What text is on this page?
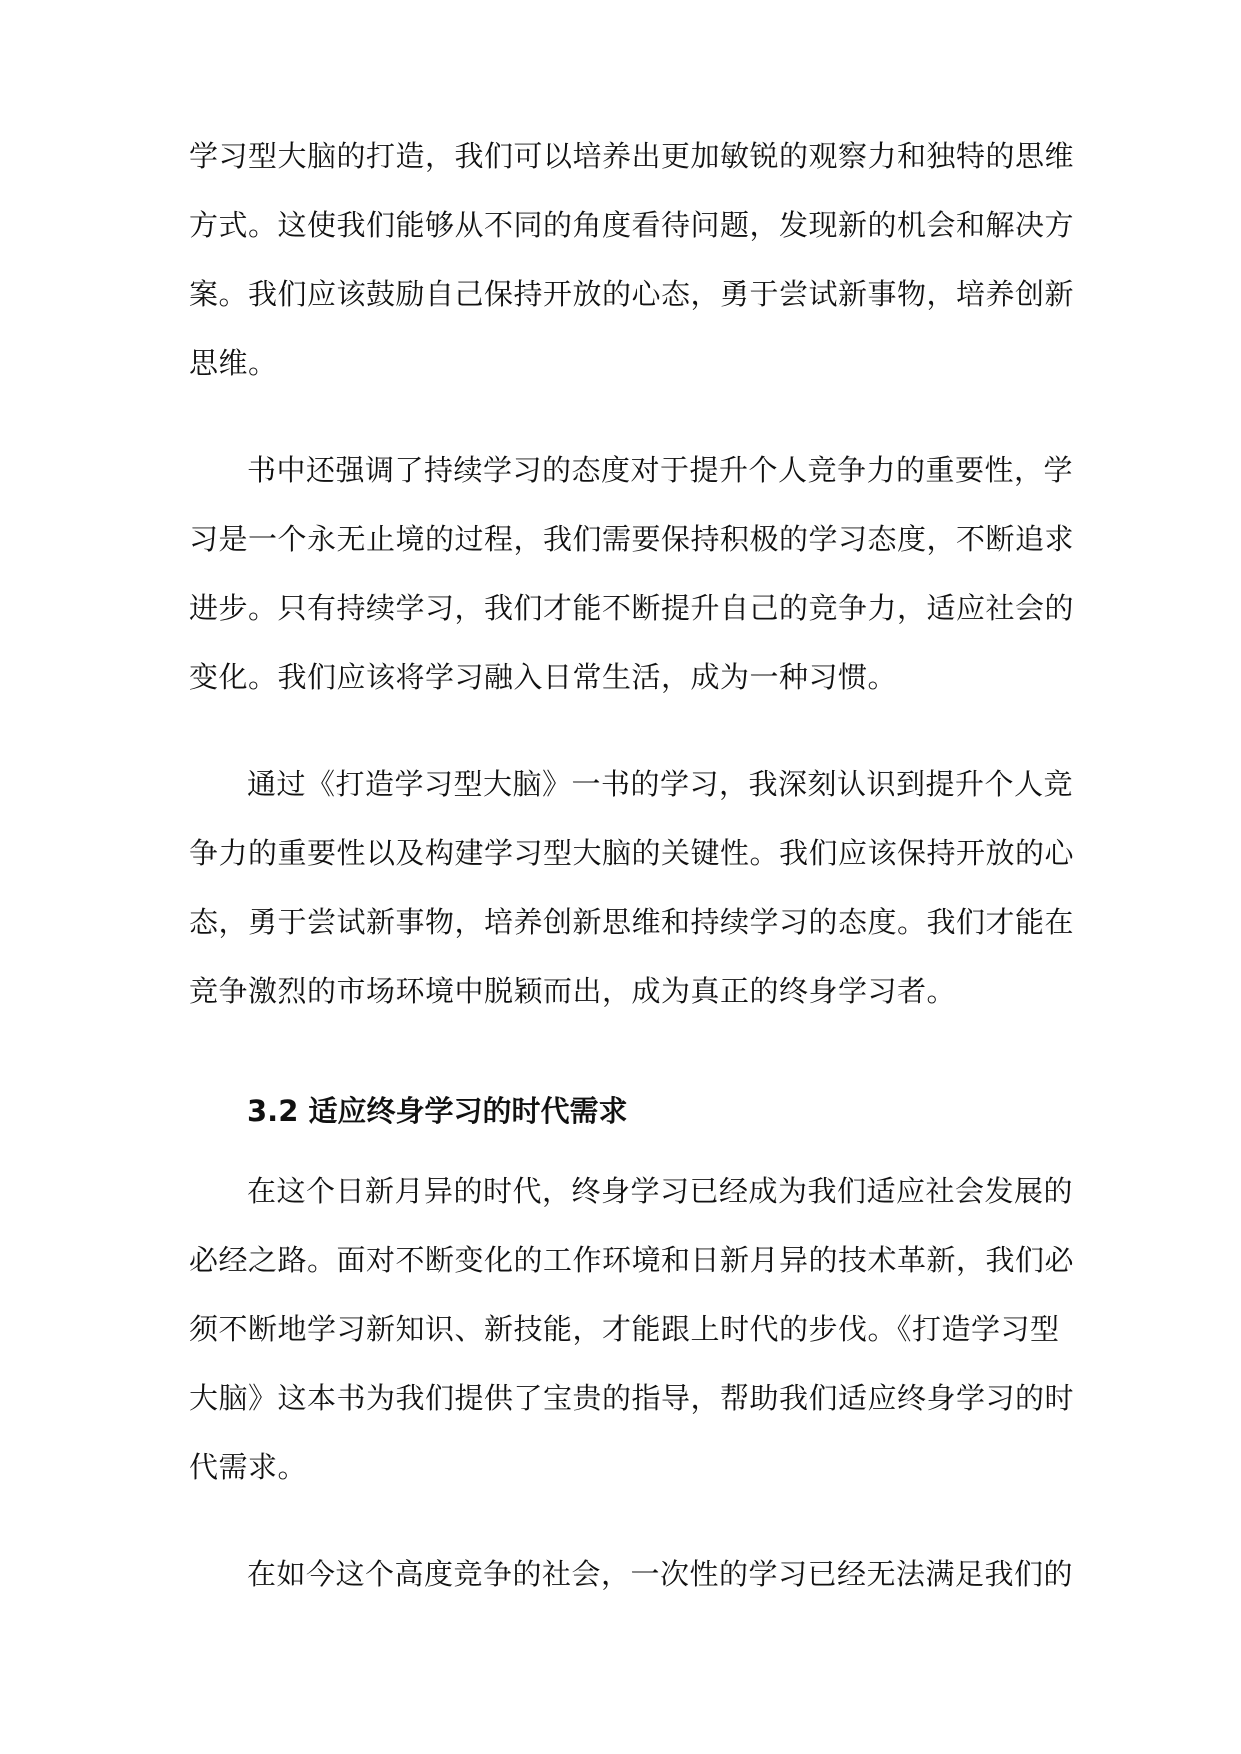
学习型大脑的打造，我们可以培养出更加敏锐的观察力和独特的思维
方式。这使我们能够从不同的角度看待问题，发现新的机会和解决方
案。我们应该鼓励自己保持开放的心态，勇于尝试新事物，培养创新
思维。
书中还强调了持续学习的态度对于提升个人竞争力的重要性，学
习是一个永无止境的过程，我们需要保持积极的学习态度，不断追求
进步。只有持续学习，我们才能不断提升自己的竞争力，适应社会的
变化。我们应该将学习融入日常生活，成为一种习惯。
通过《打造学习型大脑》一书的学习，我深刻认识到提升个人竞
争力的重要性以及构建学习型大脑的关键性。我们应该保持开放的心
态，勇于尝试新事物，培养创新思维和持续学习的态度。我们才能在
竞争激烈的市场环境中脱颖而出，成为真正的终身学习者。
3.2 适应终身学习的时代需求
在这个日新月异的时代，终身学习已经成为我们适应社会发展的
必经之路。面对不断变化的工作环境和日新月异的技术革新，我们必
须不断地学习新知识、新技能，才能跟上时代的步伐。《打造学习型
大脑》这本书为我们提供了宝贵的指导，帮助我们适应终身学习的时
代需求。
在如今这个高度竞争的社会，一次性的学习已经无法满足我们的
